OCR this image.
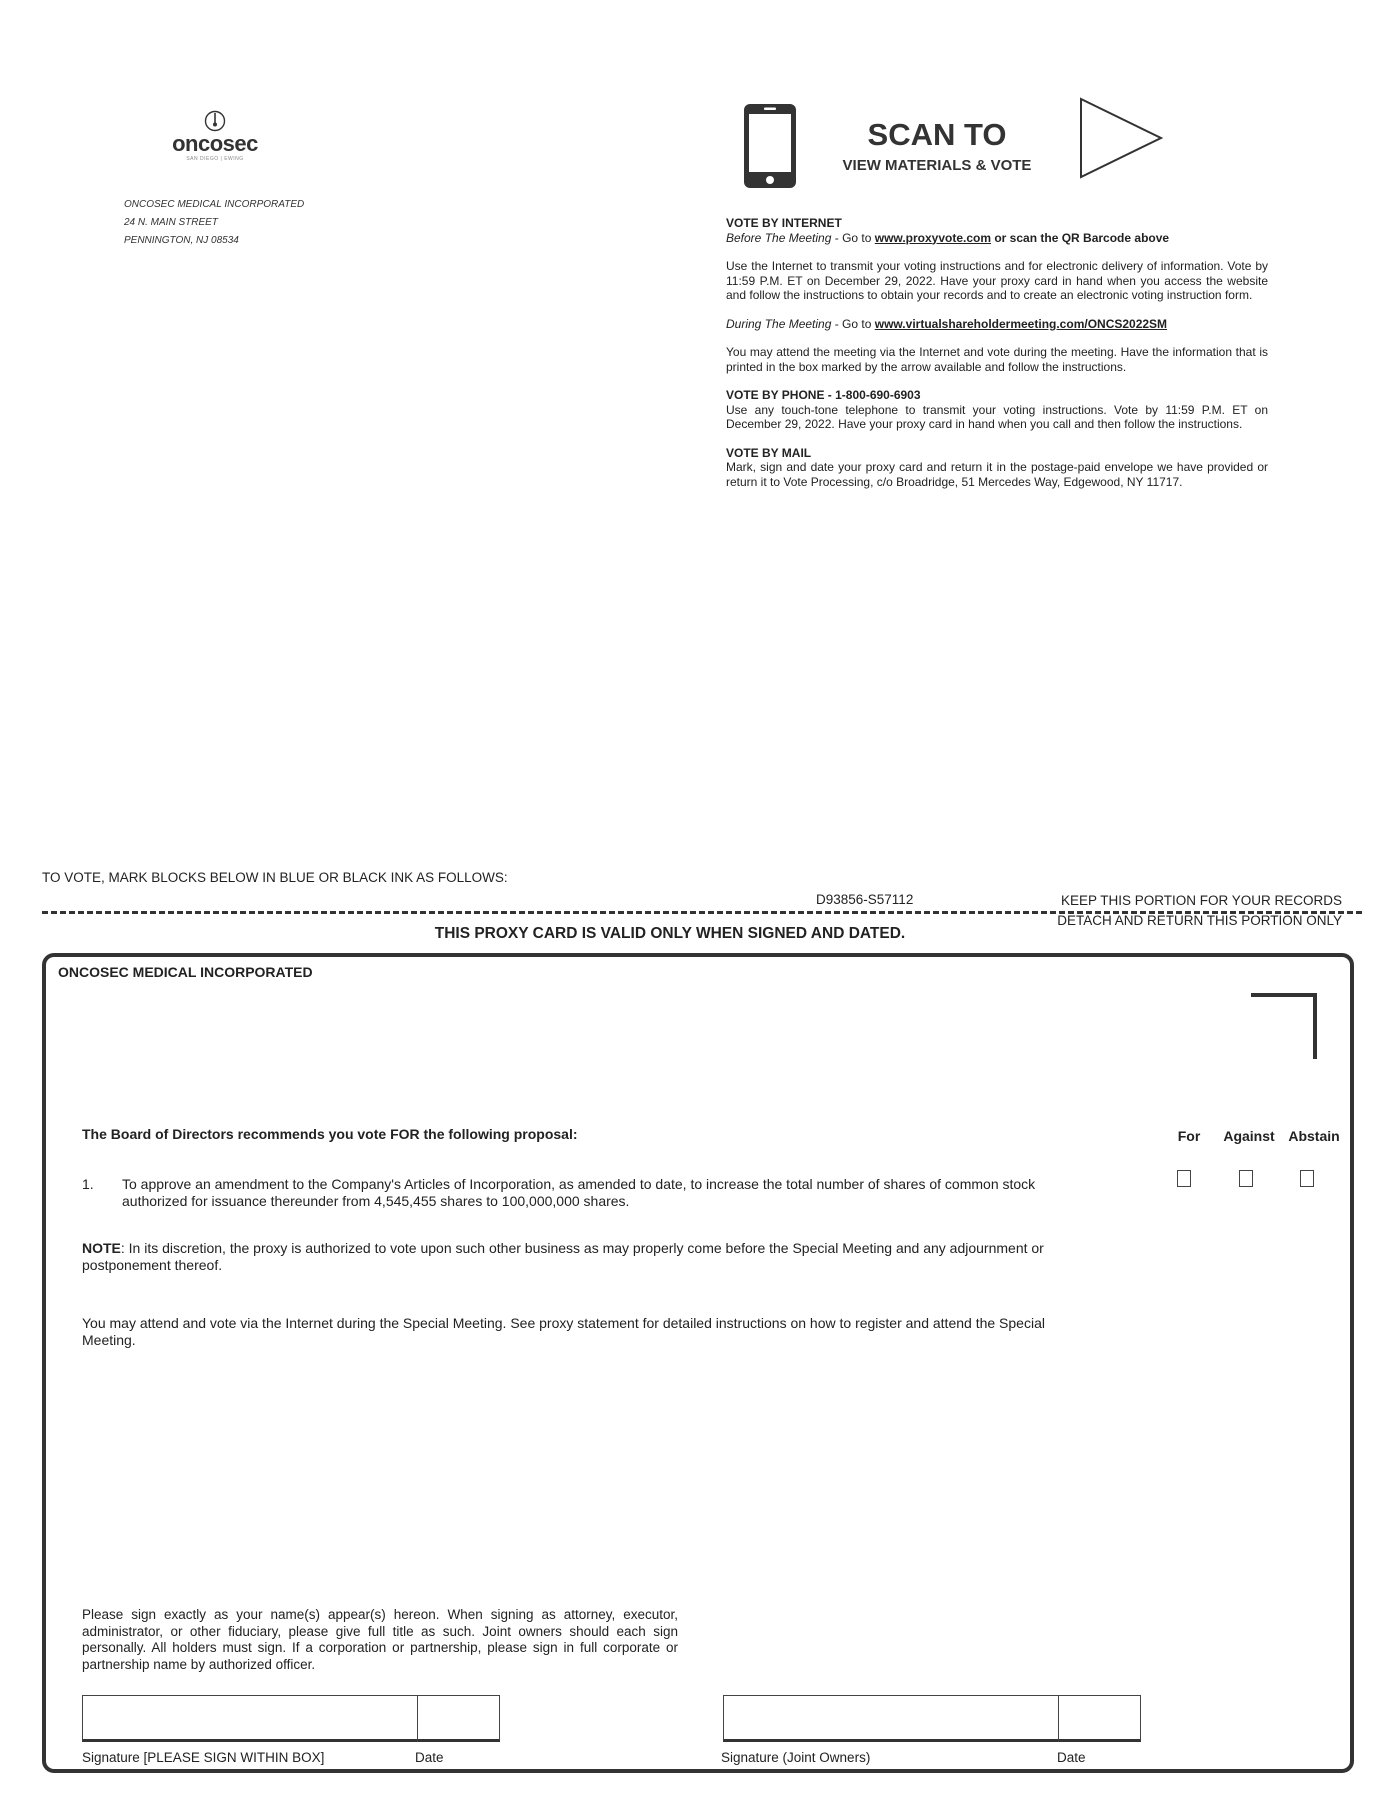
oncosec
SAN DIEGO | EWING
ONCOSEC MEDICAL INCORPORATED
24 N. MAIN STREET
PENNINGTON, NJ 08534
SCAN TO
VIEW MATERIALS & VOTE

VOTE BY INTERNET

Before The Meeting - Go to www.proxyvote.com or scan the QR Barcode above

Use the Internet to transmit your voting instructions and for electronic delivery of information. Vote by 11:59 P.M. ET on December 29, 2022. Have your proxy card in hand when you access the website and follow the instructions to obtain your records and to create an electronic voting instruction form.

During The Meeting - Go to www.virtualshareholdermeeting.com/ONCS2022SM

You may attend the meeting via the Internet and vote during the meeting. Have the information that is printed in the box marked by the arrow available and follow the instructions.

VOTE BY PHONE - 1-800-690-6903

Use any touch-tone telephone to transmit your voting instructions. Vote by 11:59 P.M. ET on December 29, 2022. Have your proxy card in hand when you call and then follow the instructions.

VOTE BY MAIL

Mark, sign and date your proxy card and return it in the postage-paid envelope we have provided or return it to Vote Processing, c/o Broadridge, 51 Mercedes Way, Edgewood, NY 11717.

TO VOTE, MARK BLOCKS BELOW IN BLUE OR BLACK INK AS FOLLOWS:
D93856-S57112	KEEP THIS PORTION FOR YOUR RECORDS
DETACH AND RETURN THIS PORTION ONLY
THIS PROXY CARD IS VALID ONLY WHEN SIGNED AND DATED.
ONCOSEC MEDICAL INCORPORATED
The Board of Directors recommends you vote FOR the following proposal:	For	Against Abstain
1. To approve an amendment to the Company's Articles of Incorporation, as amended to date, to increase the total number of shares of common stock authorized for issuance thereunder from 4,545,455 shares to 100,000,000 shares.
NOTE: In its discretion, the proxy is authorized to vote upon such other business as may properly come before the Special Meeting and any adjournment or postponement thereof.
You may attend and vote via the Internet during the Special Meeting. See proxy statement for detailed instructions on how to register and attend the Special Meeting.
Please sign exactly as your name(s) appear(s) hereon. When signing as attorney, executor, administrator, or other fiduciary, please give full title as such. Joint owners should each sign personally. All holders must sign. If a corporation or partnership, please sign in full corporate or partnership name by authorized officer.
Signature [PLEASE SIGN WITHIN BOX]	Date	Signature (Joint Owners)	Date
